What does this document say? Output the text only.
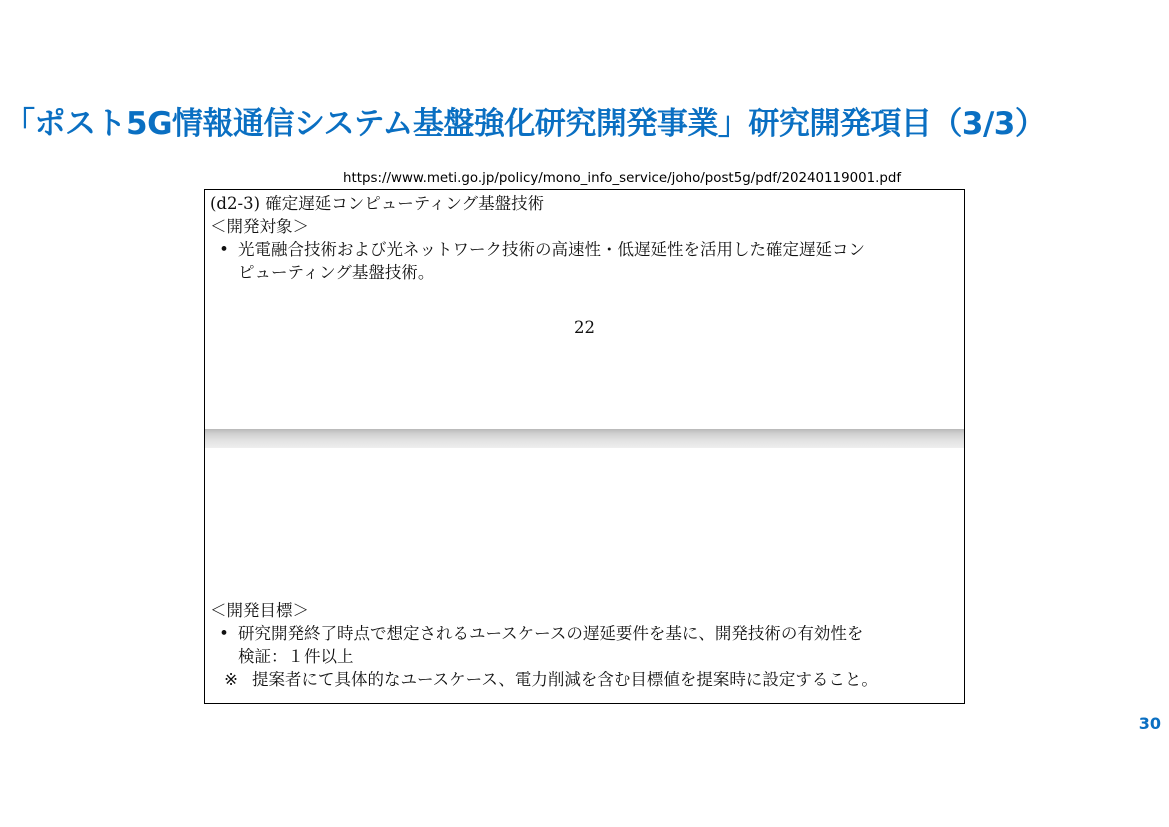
「ポスト5G情報通信システム基盤強化研究開発事業」研究開発項目（3/3）
https://www.meti.go.jp/policy/mono_info_service/joho/post5g/pdf/20240119001.pdf
(d2-3) 確定遅延コンピューティング基盤技術
＜開発対象＞
• 光電融合技術および光ネットワーク技術の高速性・低遅延性を活用した確定遅延コン
ピューティング基盤技術。
22
＜開発目標＞
• 研究開発終了時点で想定されるユースケースの遅延要件を基に、開発技術の有効性を
検証：１件以上
※ 提案者にて具体的なユースケース、電力削減を含む目標値を提案時に設定すること。
30
